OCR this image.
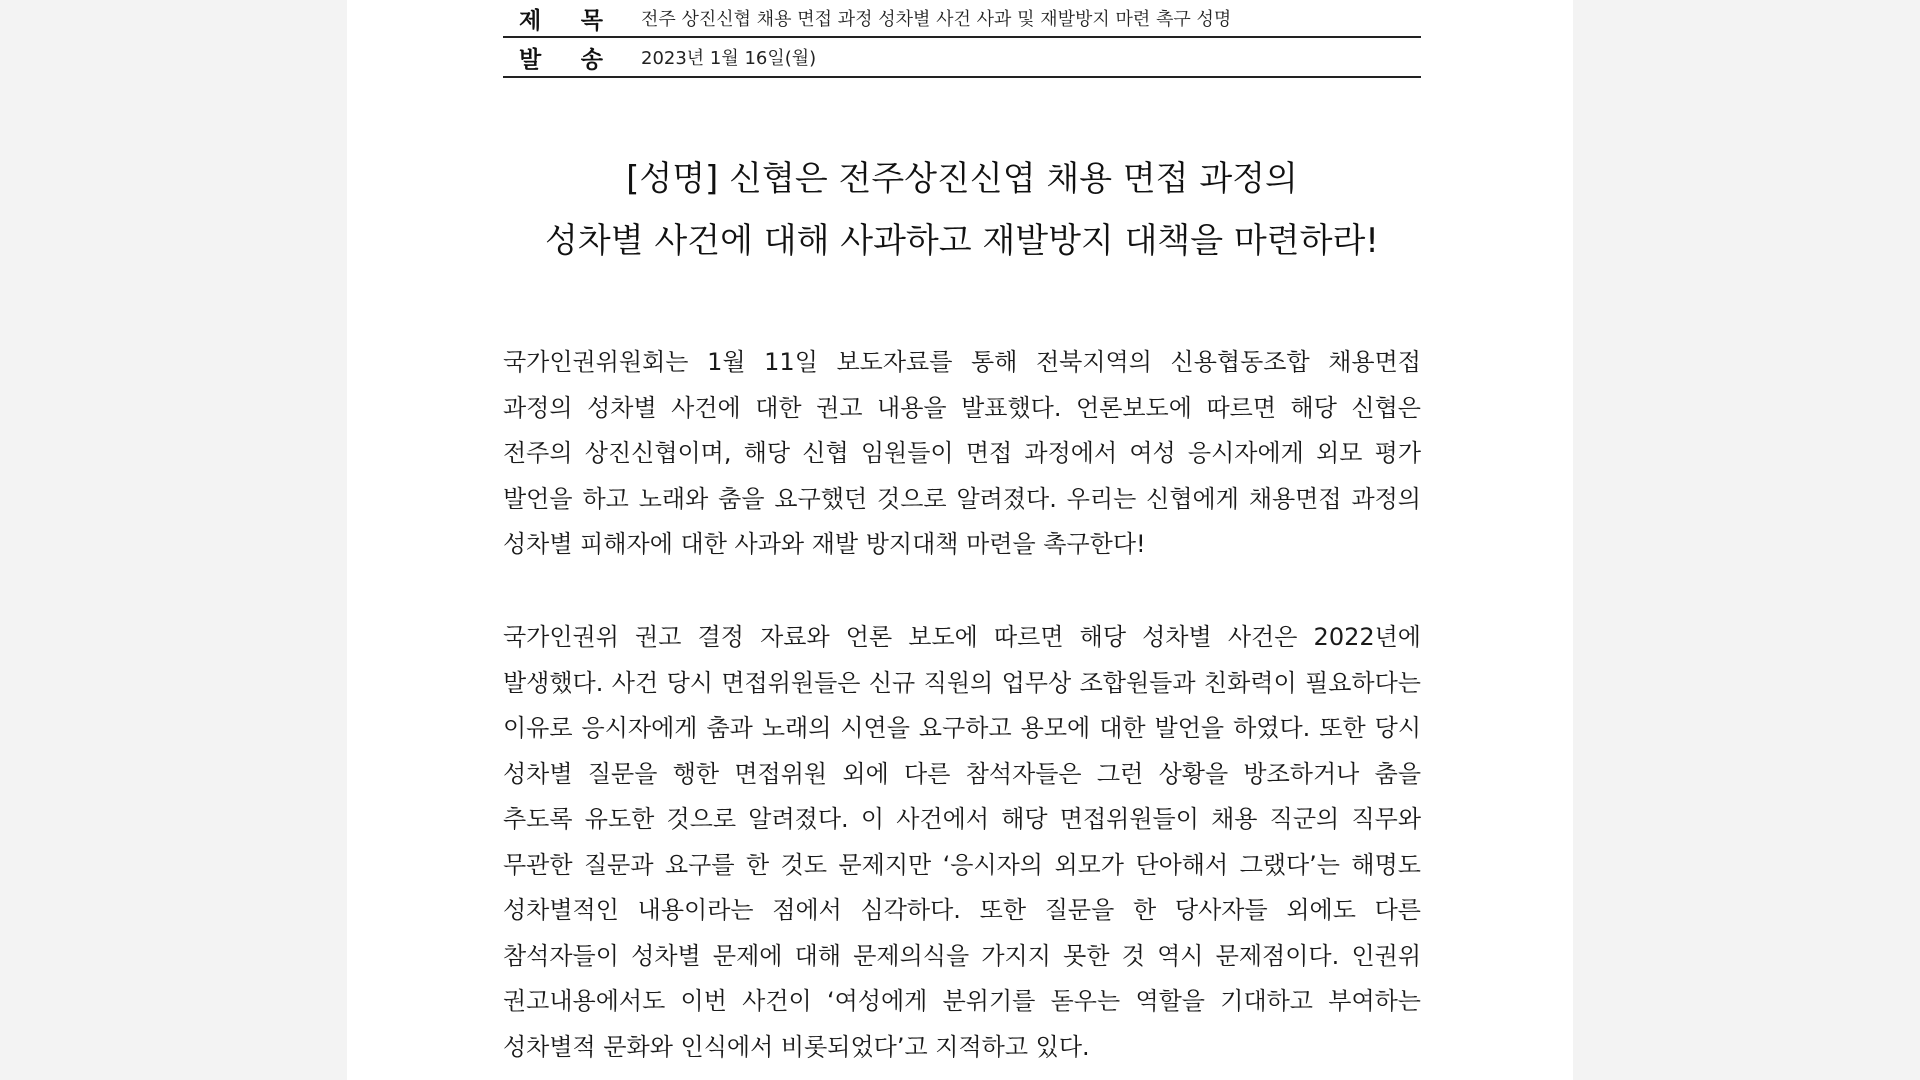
제 목	전주 상진신협 채용 면접 과정 성차별 사건 사과 및 재발방지 마련 촉구 성명
발 송	2023년 1월 16일(월)
[성명] 신협은 전주상진신엽 채용 면접 과정의
성차별 사건에 대해 사과하고 재발방지 대책을 마련하라!
국가인권위원회는 1월 11일 보도자료를 통해 전북지역의 신용협동조합 채용면접 과정의 성차별 사건에 대한 권고 내용을 발표했다. 언론보도에 따르면 해당 신협은 전주의 상진신협이며, 해당 신협 임원들이 면접 과정에서 여성 응시자에게 외모 평가 발언을 하고 노래와 춤을 요구했던 것으로 알려졌다. 우리는 신협에게 채용면접 과정의 성차별 피해자에 대한 사과와 재발 방지대책 마련을 촉구한다!
국가인권위 권고 결정 자료와 언론 보도에 따르면 해당 성차별 사건은 2022년에 발생했다. 사건 당시 면접위원들은 신규 직원의 업무상 조합원들과 친화력이 필요하다는 이유로 응시자에게 춤과 노래의 시연을 요구하고 용모에 대한 발언을 하였다. 또한 당시 성차별 질문을 행한 면접위원 외에 다른 참석자들은 그런 상황을 방조하거나 춤을 추도록 유도한 것으로 알려졌다. 이 사건에서 해당 면접위원들이 채용 직군의 직무와 무관한 질문과 요구를 한 것도 문제지만 ‘응시자의 외모가 단아해서 그랬다’는 해명도 성차별적인 내용이라는 점에서 심각하다. 또한 질문을 한 당사자들 외에도 다른 참석자들이 성차별 문제에 대해 문제의식을 가지지 못한 것 역시 문제점이다. 인권위 권고내용에서도 이번 사건이 ‘여성에게 분위기를 돋우는 역할을 기대하고 부여하는 성차별적 문화와 인식에서 비롯되었다’고 지적하고 있다.
